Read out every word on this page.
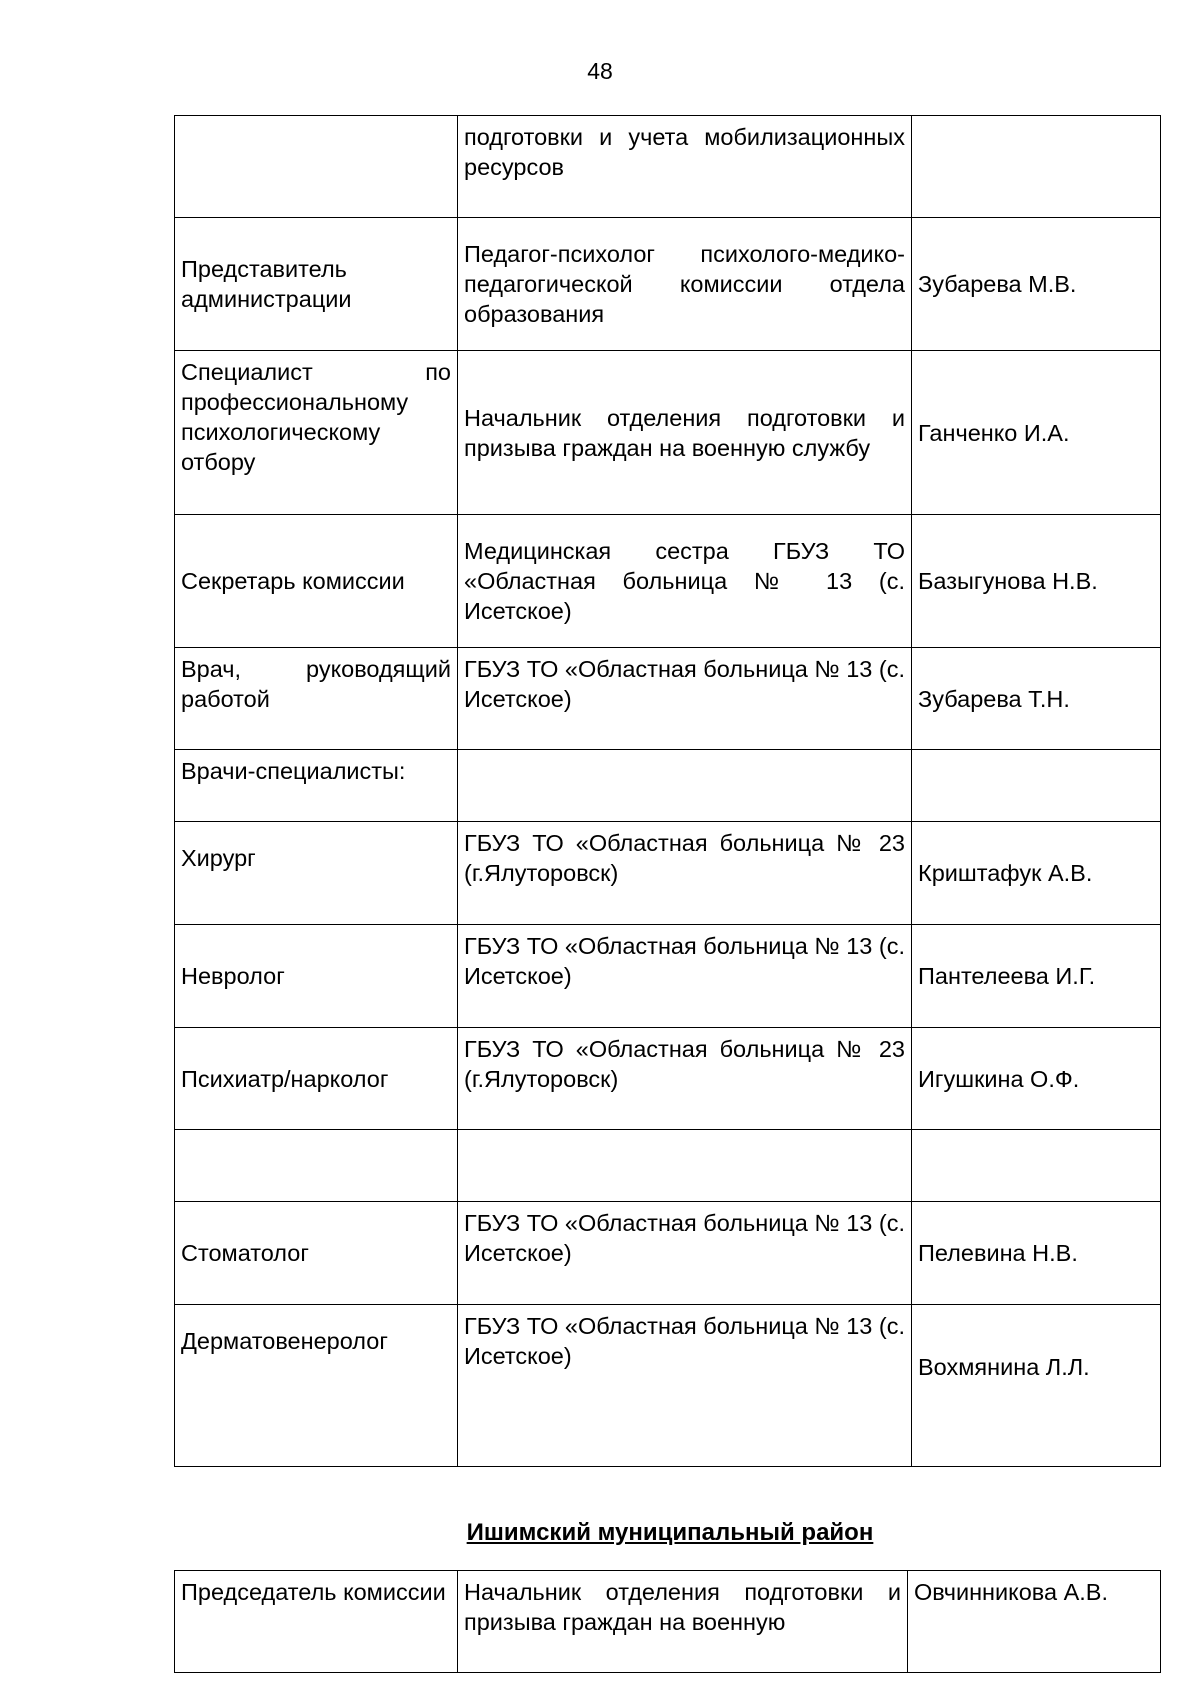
48
	подготовки и учета мобилизационных ресурсов	
Представитель администрации	Педагог-психолог психолого-медико-педагогической комиссии отдела образования	Зубарева М.В.
Специалист по профессиональному психологическому отбору	Начальник отделения подготовки и призыва граждан на военную службу	Ганченко И.А.
Секретарь комиссии	Медицинская сестра ГБУЗ ТО «Областная больница № 13 (с. Исетское)	Базыгунова Н.В.
Врач, руководящий работой	ГБУЗ ТО «Областная больница № 13 (с. Исетское)	Зубарева Т.Н.
Врачи-специалисты:		
Хирург	ГБУЗ ТО «Областная больница № 23 (г.Ялуторовск)	Криштафук А.В.
Невролог	ГБУЗ ТО «Областная больница № 13 (с. Исетское)	Пантелеева И.Г.
Психиатр/нарколог	ГБУЗ ТО «Областная больница № 23 (г.Ялуторовск)	Игушкина О.Ф.

Стоматолог	ГБУЗ ТО «Областная больница № 13 (с. Исетское)	Пелевина Н.В.
Дерматовенеролог	ГБУЗ ТО «Областная больница № 13 (с. Исетское)	Вохмянина Л.Л.
Ишимский муниципальный район
Председатель комиссии	Начальник отделения подготовки и призыва граждан на военную	Овчинникова А.В.
